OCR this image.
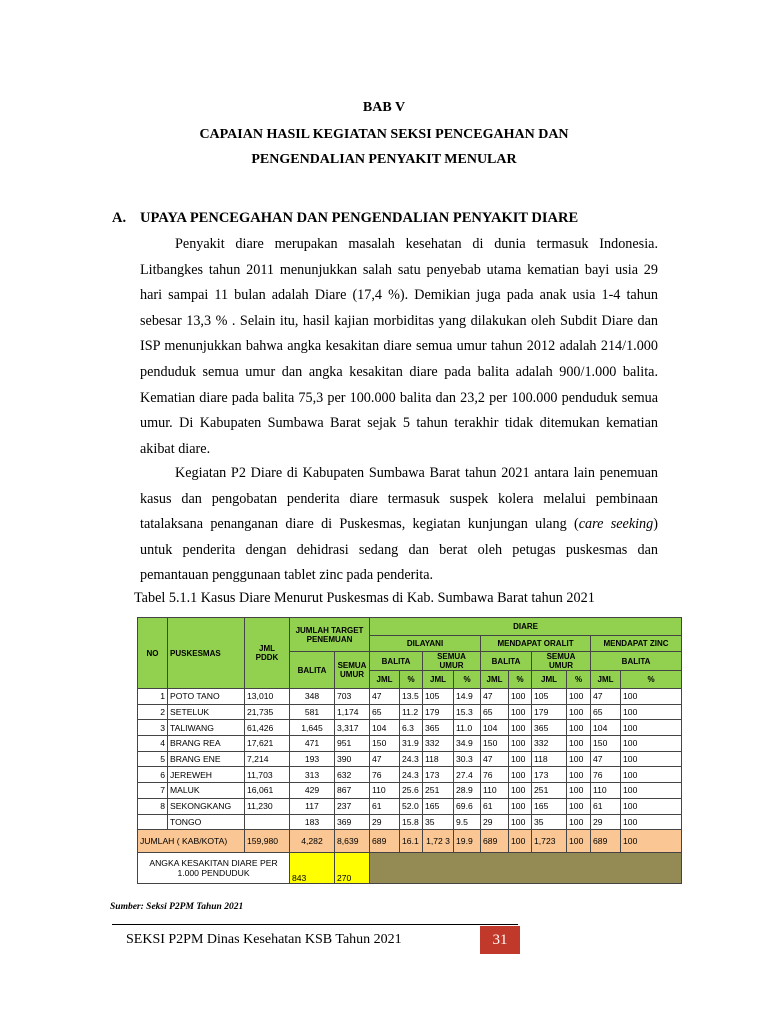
BAB V
CAPAIAN HASIL KEGIATAN SEKSI PENCEGAHAN DAN
PENGENDALIAN PENYAKIT MENULAR
A. UPAYA PENCEGAHAN DAN PENGENDALIAN PENYAKIT DIARE

Penyakit diare merupakan masalah kesehatan di dunia termasuk Indonesia. Litbangkes tahun 2011 menunjukkan salah satu penyebab utama kematian bayi usia 29 hari sampai 11 bulan adalah Diare (17,4 %). Demikian juga pada anak usia 1-4 tahun sebesar 13,3 % . Selain itu, hasil kajian morbiditas yang dilakukan oleh Subdit Diare dan ISP menunjukkan bahwa angka kesakitan diare semua umur tahun 2012 adalah 214/1.000 penduduk semua umur dan angka kesakitan diare pada balita adalah 900/1.000 balita. Kematian diare pada balita 75,3 per 100.000 balita dan 23,2 per 100.000 penduduk semua umur. Di Kabupaten Sumbawa Barat sejak 5 tahun terakhir tidak ditemukan kematian akibat diare.

Kegiatan P2 Diare di Kabupaten Sumbawa Barat tahun 2021 antara lain penemuan kasus dan pengobatan penderita diare termasuk suspek kolera melalui pembinaan tatalaksana penanganan diare di Puskesmas, kegiatan kunjungan ulang (care seeking) untuk penderita dengan dehidrasi sedang dan berat oleh petugas puskesmas dan pemantauan penggunaan tablet zinc pada penderita.

Tabel 5.1.1 Kasus Diare Menurut Puskesmas di Kab. Sumbawa Barat tahun 2021
NO	PUSKESMAS	JML PDDK	JUMLAH TARGET PENEMUAN		DIARE									
					DILAYANI				MENDAPAT ORALIT				MENDAPAT ZINC	
			BALITA	SEMUA UMUR	BALITA		SEMUA UMUR		BALITA		SEMUA UMUR		BALITA	
					JML	%	JML	%	JML	%	JML	%	JML	%
1	POTO TANO	13,010	348	703	47	13.5	105	14.9	47	100	105	100	47	100
2	SETELUK	21,735	581	1,174	65	11.2	179	15.3	65	100	179	100	65	100
3	TALIWANG	61,426	1,645	3,317	104	6.3	365	11.0	104	100	365	100	104	100
4	BRANG REA	17,621	471	951	150	31.9	332	34.9	150	100	332	100	150	100
5	BRANG ENE	7,214	193	390	47	24.3	118	30.3	47	100	118	100	47	100
6	JEREWEH	11,703	313	632	76	24.3	173	27.4	76	100	173	100	76	100
7	MALUK	16,061	429	867	110	25.6	251	28.9	110	100	251	100	110	100
8	SEKONGKANG	11,230	117	237	61	52.0	165	69.6	61	100	165	100	61	100
	TONGO		183	369	29	15.8	35	9.5	29	100	35	100	29	100
JUMLAH ( KAB/KOTA)		159,980	4,282	8,639	689	16.1	1,72 3	19.9	689	100	1,723	100	689	100
ANGKA KESAKITAN DIARE PER 1.000 PENDUDUK			843	270										
Sumber: Seksi P2PM Tahun 2021
SEKSI P2PM Dinas Kesehatan KSB Tahun 2021	31
